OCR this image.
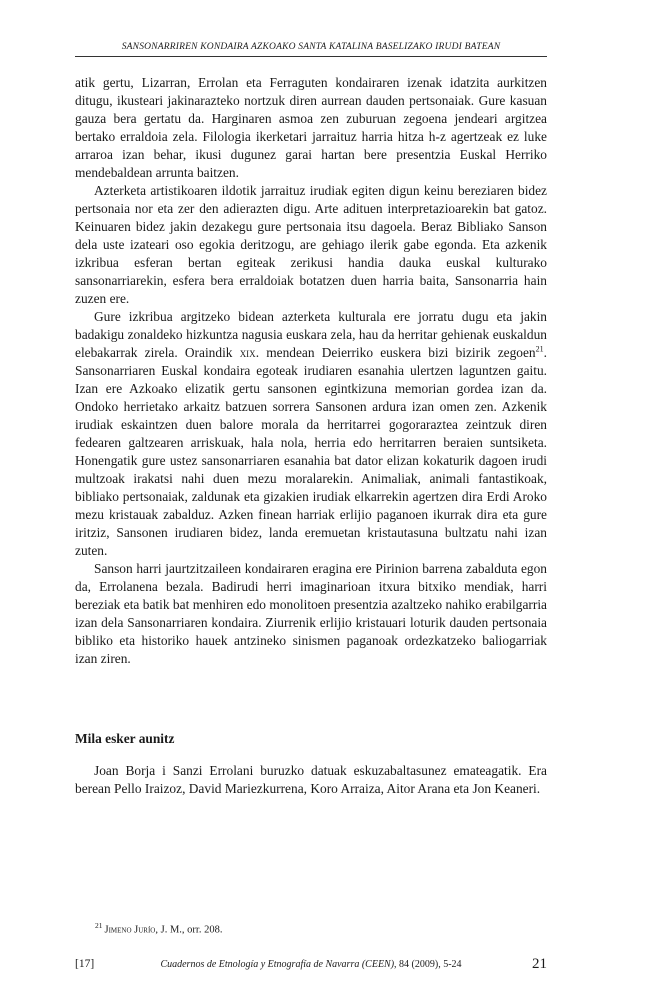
SANSONARRIREN KONDAIRA AZKOAKO SANTA KATALINA BASELIZAKO IRUDI BATEAN

atik gertu, Lizarran, Errolan eta Ferraguten kondairaren izenak idatzita aurkitzen ditugu, ikusteari jakinarazteko nortzuk diren aurrean dauden pertsonaiak. Gure kasuan gauza bera gertatu da. Harginaren asmoa zen zuburuan zegoena jendeari argitzea bertako erraldoia zela. Filologia ikerketari jarraituz harria hitza h-z agertzeak ez luke arraroa izan behar, ikusi dugunez garai hartan bere presentzia Euskal Herriko mendebaldean arrunta baitzen.

Azterketa artistikoaren ildotik jarraituz irudiak egiten digun keinu bereziaren bidez pertsonaia nor eta zer den adierazten digu. Arte adituen interpretazioarekin bat gatoz. Keinuaren bidez jakin dezakegu gure pertsonaia itsu dagoela. Beraz Bibliako Sanson dela uste izateari oso egokia deritzogu, are gehiago ilerik gabe egonda. Eta azkenik izkribua esferan bertan egiteak zerikusi handia dauka euskal kulturako sansonarriarekin, esfera bera erraldoiak botatzen duen harria baita, Sansonarria hain zuzen ere.

Gure izkribua argitzeko bidean azterketa kulturala ere jorratu dugu eta jakin badakigu zonaldeko hizkuntza nagusia euskara zela, hau da herritar gehienak euskaldun elebakarrak zirela. Oraindik xix. mendean Deierriko euskera bizi bizirik zegoen$^{21}$. Sansonarriaren Euskal kondaira egoteak irudiaren esanahia ulertzen laguntzen gaitu. Izan ere Azkoako elizatik gertu sansonen egintkizuna memorian gordea izan da. Ondoko herrietako arkaitz batzuen sorrera Sansonen ardura izan omen zen. Azkenik irudiak eskaintzen duen balore morala da herritarrei gogoraraztea zeintzuk diren fedearen galtzearen arriskuak, hala nola, herria edo herritarren beraien suntsiketa. Honengatik gure ustez sansonarriaren esanahia bat dator elizan kokaturik dagoen irudi multzoak irakatsi nahi duen mezu moralarekin. Animaliak, animali fantastikoak, bibliako pertsonaiak, zaldunak eta gizakien irudiak elkarrekin agertzen dira Erdi Aroko mezu kristauak zabalduz. Azken finean harriak erlijio paganoen ikurrak dira eta gure iritziz, Sansonen irudiaren bidez, landa eremuetan kristautasuna bultzatu nahi izan zuten.

Sanson harri jaurtzitzaileen kondairaren eragina ere Pirinion barrena zabalduta egon da, Errolanena bezala. Badirudi herri imaginarioan itxura bitxiko mendiak, harri bereziak eta batik bat menhiren edo monolitoen presentzia azaltzeko nahiko erabilgarria izan dela Sansonarriaren kondaira. Ziurrenik erlijio kristauari loturik dauden pertsonaia bibliko eta historiko hauek antzineko sinismen paganoak ordezkatzeko baliogarriak izan ziren.

Mila esker aunitz

Joan Borja i Sanzi Errolani buruzko datuak eskuzabaltasunez emateagatik. Era berean Pello Iraizoz, David Mariezkurrena, Koro Arraiza, Aitor Arana eta Jon Keaneri.

$^{21}$ Jimeno Jurío, J. M., orr. 208.
[17]	Cuadernos de Etnología y Etnografía de Navarra (CEEN), 84 (2009), 5-24	21
